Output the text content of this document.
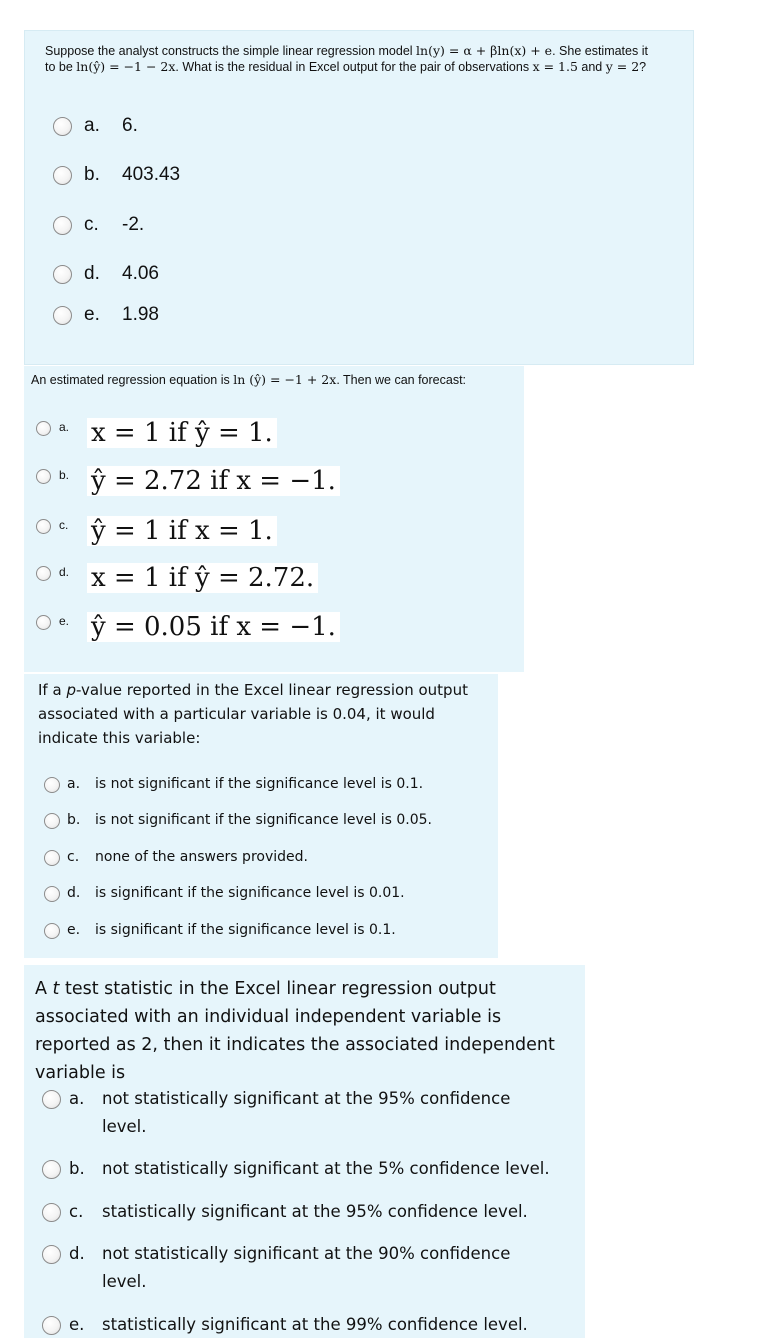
Suppose the analyst constructs the simple linear regression model ln(y) = α + βln(x) + e. She estimates it
to be ln(ŷ) = −1 − 2x. What is the residual in Excel output for the pair of observations x = 1.5 and y = 2?
a.	6.
b.	403.43
c.	-2.
d.	4.06
e.	1.98
An estimated regression equation is ln (ŷ) = −1 + 2x. Then we can forecast:
a. x = 1 if ŷ = 1.
b. ŷ = 2.72 if x = −1.
c. ŷ = 1 if x = 1.
d. x = 1 if ŷ = 2.72.
e. ŷ = 0.05 if x = −1.
If a p-value reported in the Excel linear regression output associated with a particular variable is 0.04, it would indicate this variable:
a.	is not significant if the significance level is 0.1.
b.	is not significant if the significance level is 0.05.
c.	none of the answers provided.
d.	is significant if the significance level is 0.01.
e.	is significant if the significance level is 0.1.
A t test statistic in the Excel linear regression output associated with an individual independent variable is reported as 2, then it indicates the associated independent variable is
a.	not statistically significant at the 95% confidence level.
b.	not statistically significant at the 5% confidence level.
c.	statistically significant at the 95% confidence level.
d.	not statistically significant at the 90% confidence level.
e.	statistically significant at the 99% confidence level.
